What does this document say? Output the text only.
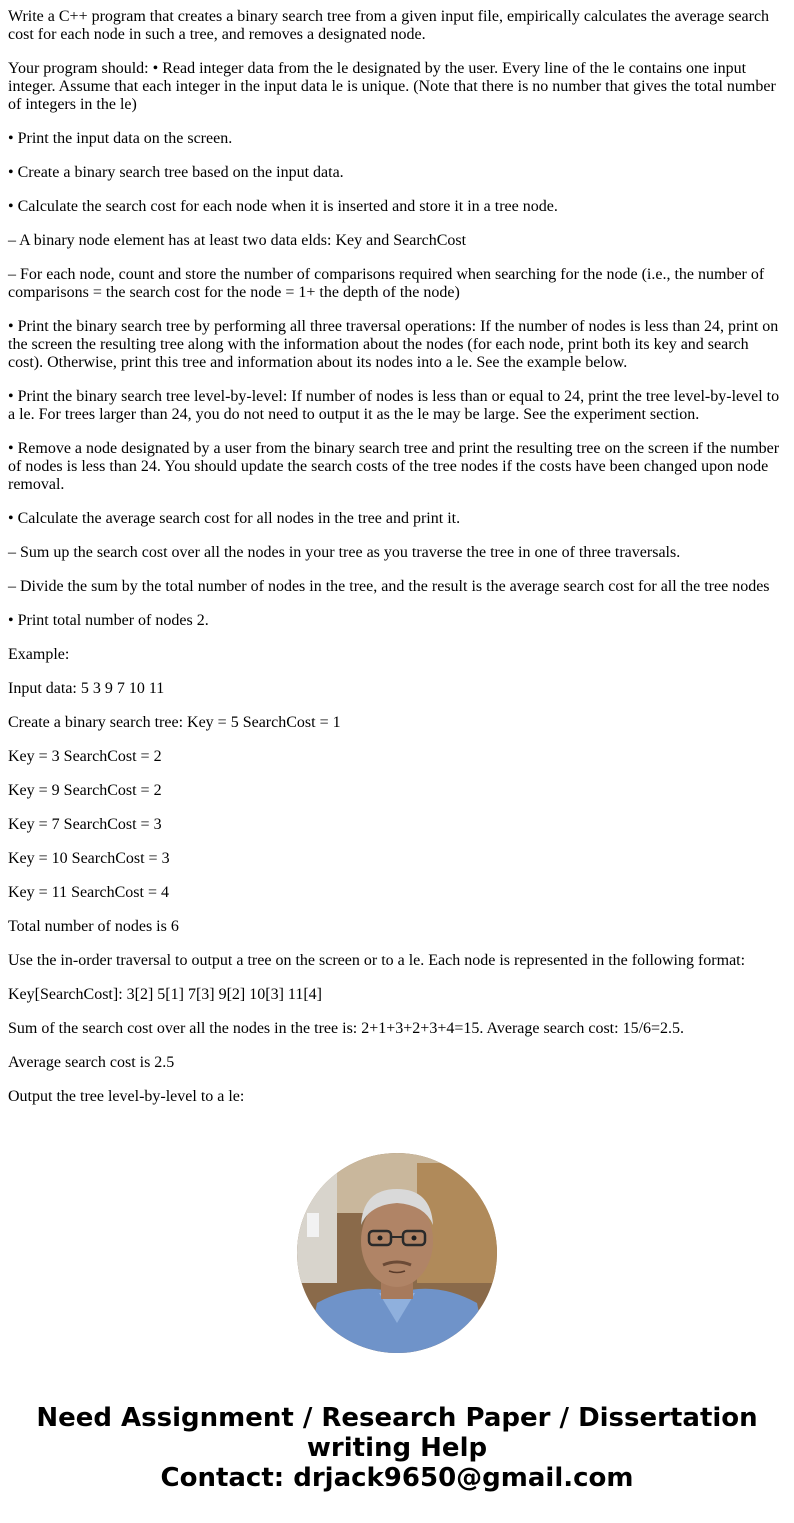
Write a C++ program that creates a binary search tree from a given input file, empirically calculates the average search cost for each node in such a tree, and removes a designated node.

Your program should: • Read integer data from the le designated by the user. Every line of the le contains one input integer. Assume that each integer in the input data le is unique. (Note that there is no number that gives the total number of integers in the le)

• Print the input data on the screen.

• Create a binary search tree based on the input data.

• Calculate the search cost for each node when it is inserted and store it in a tree node.

– A binary node element has at least two data elds: Key and SearchCost

– For each node, count and store the number of comparisons required when searching for the node (i.e., the number of comparisons = the search cost for the node = 1+ the depth of the node)

• Print the binary search tree by performing all three traversal operations: If the number of nodes is less than 24, print on the screen the resulting tree along with the information about the nodes (for each node, print both its key and search cost). Otherwise, print this tree and information about its nodes into a le. See the example below.

• Print the binary search tree level-by-level: If number of nodes is less than or equal to 24, print the tree level-by-level to a le. For trees larger than 24, you do not need to output it as the le may be large. See the experiment section.

• Remove a node designated by a user from the binary search tree and print the resulting tree on the screen if the number of nodes is less than 24. You should update the search costs of the tree nodes if the costs have been changed upon node removal.

• Calculate the average search cost for all nodes in the tree and print it.

– Sum up the search cost over all the nodes in your tree as you traverse the tree in one of three traversals.

– Divide the sum by the total number of nodes in the tree, and the result is the average search cost for all the tree nodes

• Print total number of nodes 2.

Example:

Input data: 5 3 9 7 10 11

Create a binary search tree: Key = 5 SearchCost = 1

Key = 3 SearchCost = 2

Key = 9 SearchCost = 2

Key = 7 SearchCost = 3

Key = 10 SearchCost = 3

Key = 11 SearchCost = 4

Total number of nodes is 6

Use the in-order traversal to output a tree on the screen or to a le. Each node is represented in the following format:

Key[SearchCost]: 3[2] 5[1] 7[3] 9[2] 10[3] 11[4]

Sum of the search cost over all the nodes in the tree is: 2+1+3+2+3+4=15. Average search cost: 15/6=2.5.

Average search cost is 2.5

Output the tree level-by-level to a le:

Need Assignment / Research Paper / Dissertation
writing Help
Contact: drjack9650@gmail.com
